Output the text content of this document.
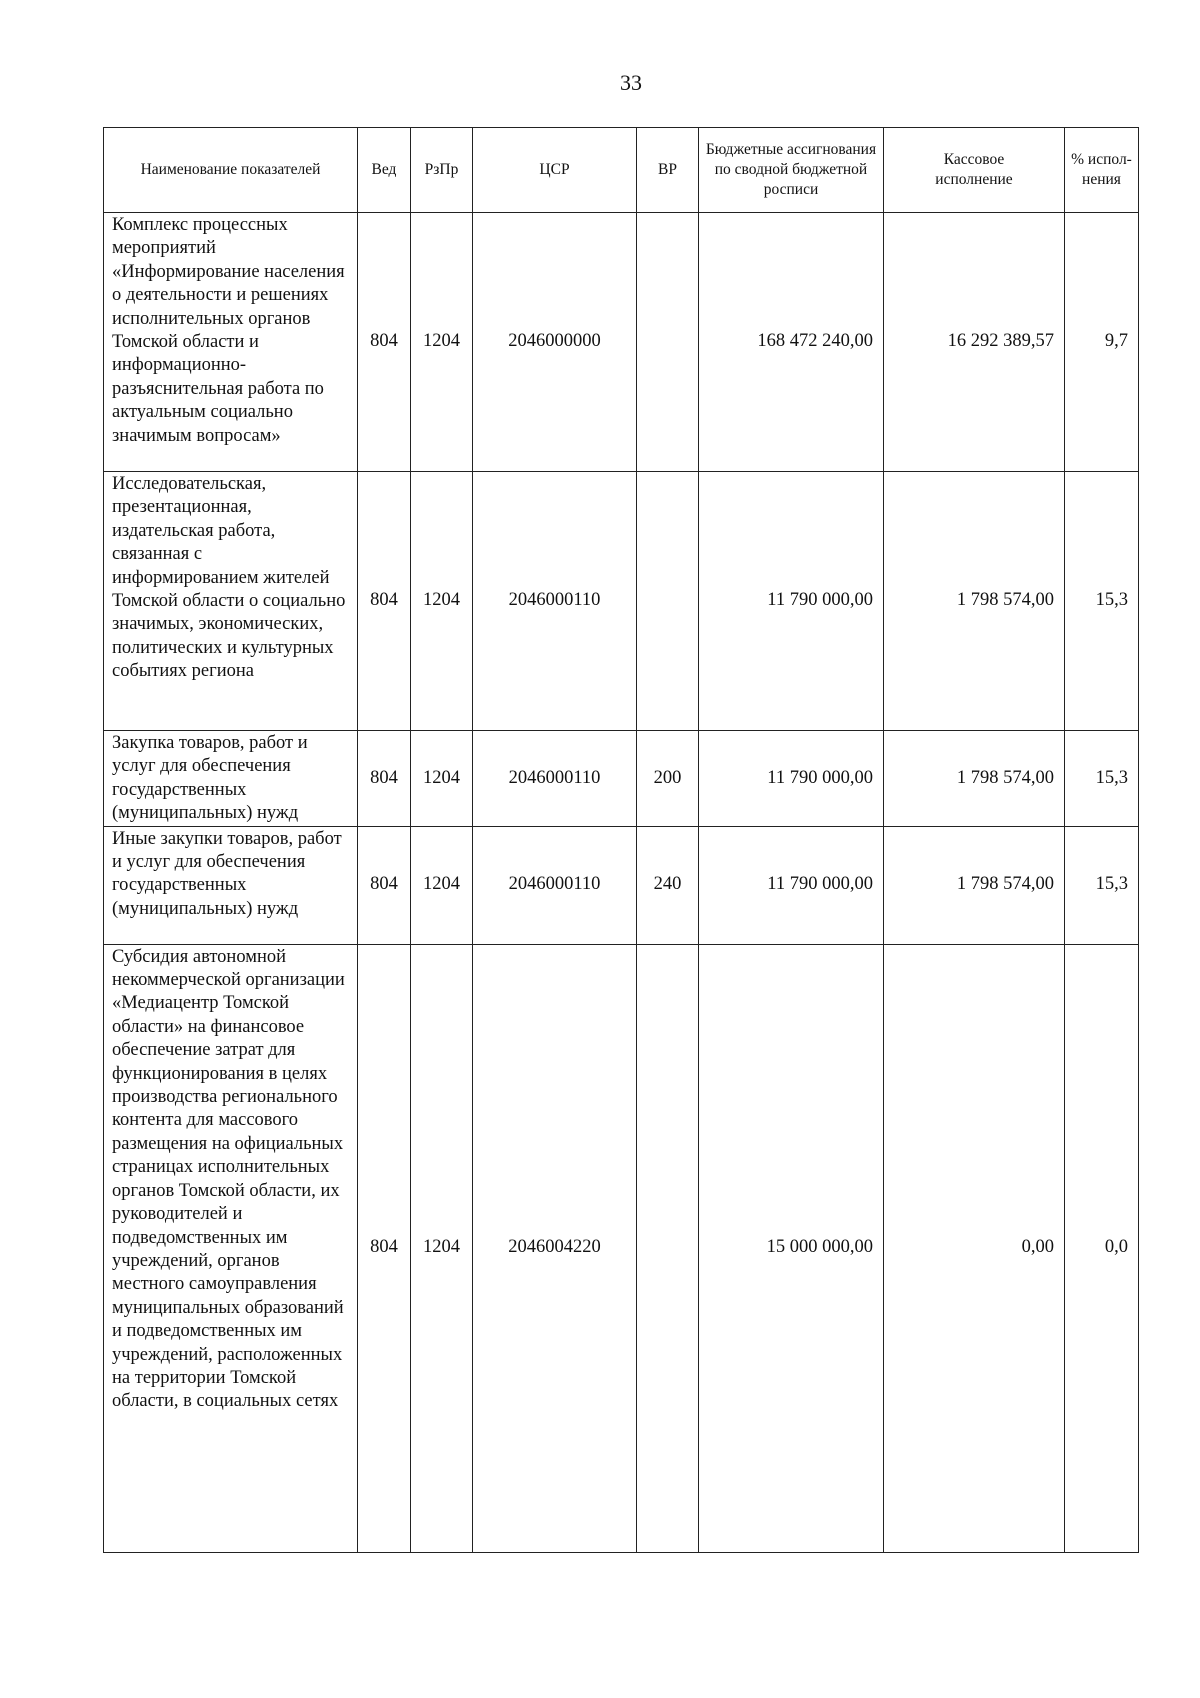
33
Наименование показателей	Вед	РзПр	ЦСР	ВР	Бюджетные ассигнования по сводной бюджетной росписи	Кассовое исполнение	% испол-нения
Комплекс процессных мероприятий «Информирование населения о деятельности и решениях исполнительных органов Томской области и информационно-разъяснительная работа по актуальным социально значимым вопросам»	804	1204	2046000000		168 472 240,00	16 292 389,57	9,7
Исследовательская, презентационная, издательская работа, связанная с информированием жителей Томской области о социально значимых, экономических, политических и культурных событиях региона	804	1204	2046000110		11 790 000,00	1 798 574,00	15,3
Закупка товаров, работ и услуг для обеспечения государственных (муниципальных) нужд	804	1204	2046000110	200	11 790 000,00	1 798 574,00	15,3
Иные закупки товаров, работ и услуг для обеспечения государственных (муниципальных) нужд	804	1204	2046000110	240	11 790 000,00	1 798 574,00	15,3
Субсидия автономной некоммерческой организации «Медиацентр Томской области» на финансовое обеспечение затрат для функционирования в целях производства регионального контента для массового размещения на официальных страницах исполнительных органов Томской области, их руководителей и подведомственных им учреждений, органов местного самоуправления муниципальных образований и подведомственных им учреждений, расположенных на территории Томской области, в социальных сетях	804	1204	2046004220		15 000 000,00	0,00	0,0
